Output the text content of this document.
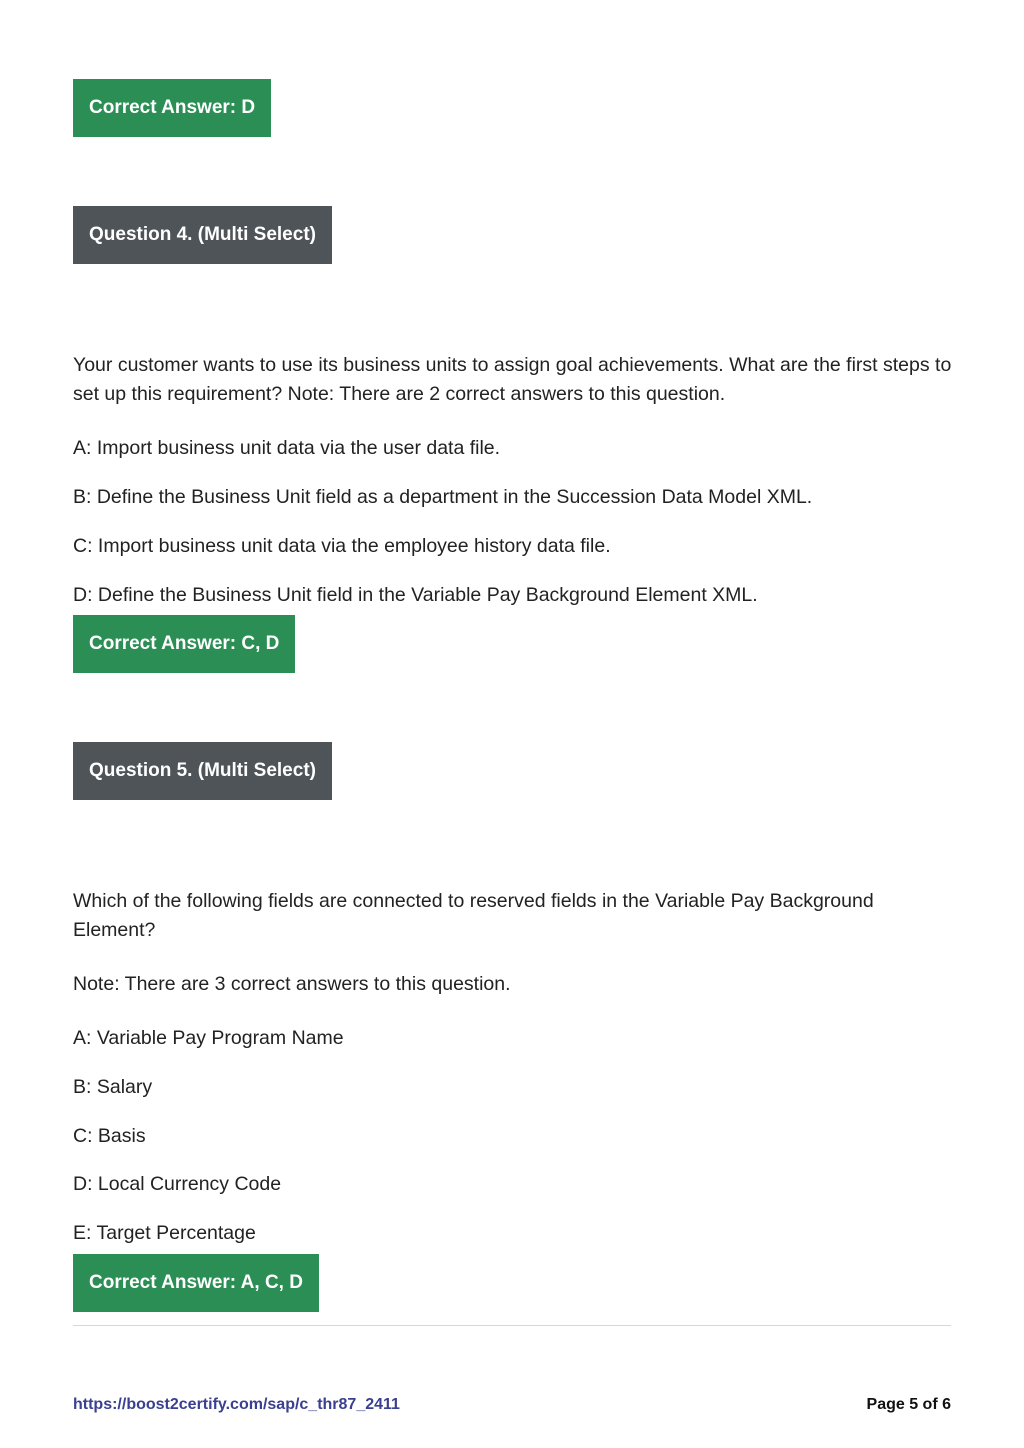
Correct Answer: D
Question 4. (Multi Select)

Your customer wants to use its business units to assign goal achievements. What are the first steps to set up this requirement? Note: There are 2 correct answers to this question.

A: Import business unit data via the user data file.

B: Define the Business Unit field as a department in the Succession Data Model XML.

C: Import business unit data via the employee history data file.

D: Define the Business Unit field in the Variable Pay Background Element XML.

Correct Answer: C, D
Question 5. (Multi Select)

Which of the following fields are connected to reserved fields in the Variable Pay Background Element?

Note: There are 3 correct answers to this question.

A: Variable Pay Program Name

B: Salary

C: Basis

D: Local Currency Code

E: Target Percentage

Correct Answer: A, C, D
https://boost2certify.com/sap/c_thr87_2411	Page 5 of 6
